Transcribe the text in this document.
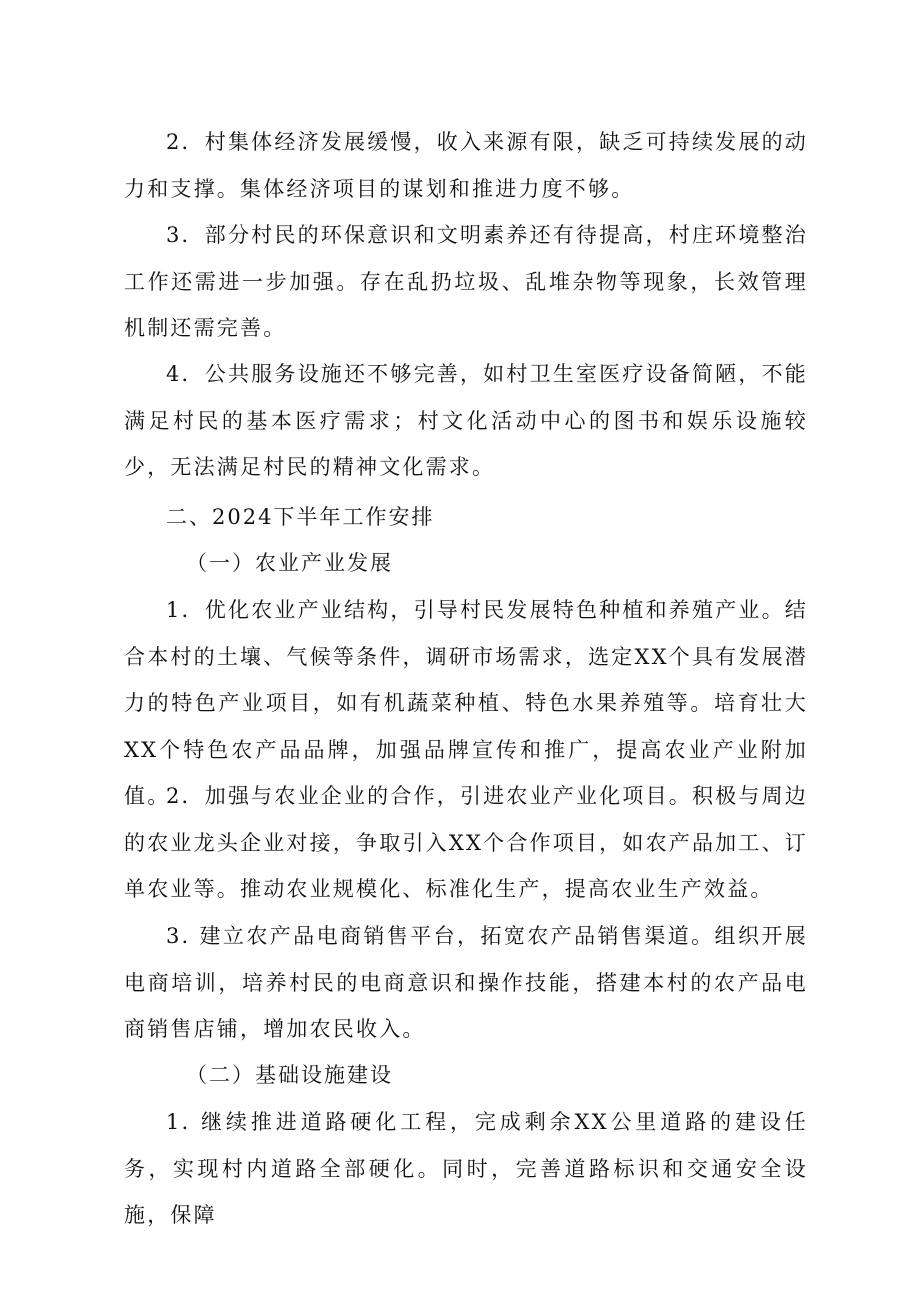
2．村集体经济发展缓慢，收入来源有限，缺乏可持续发展的动力和支撑。集体经济项目的谋划和推进力度不够。

3．部分村民的环保意识和文明素养还有待提高，村庄环境整治工作还需进一步加强。存在乱扔垃圾、乱堆杂物等现象，长效管理机制还需完善。

4．公共服务设施还不够完善，如村卫生室医疗设备简陋，不能满足村民的基本医疗需求；村文化活动中心的图书和娱乐设施较少，无法满足村民的精神文化需求。

二、2024下半年工作安排

（一）农业产业发展

1．优化农业产业结构，引导村民发展特色种植和养殖产业。结合本村的土壤、气候等条件，调研市场需求，选定XX个具有发展潜力的特色产业项目，如有机蔬菜种植、特色水果养殖等。培育壮大XX个特色农产品品牌，加强品牌宣传和推广，提高农业产业附加值。

2．加强与农业企业的合作，引进农业产业化项目。积极与周边的农业龙头企业对接，争取引入XX个合作项目，如农产品加工、订单农业等。推动农业规模化、标准化生产，提高农业生产效益。

3. 建立农产品电商销售平台，拓宽农产品销售渠道。组织开展电商培训，培养村民的电商意识和操作技能，搭建本村的农产品电商销售店铺，增加农民收入。

（二）基础设施建设

1. 继续推进道路硬化工程，完成剩余XX公里道路的建设任务，实现村内道路全部硬化。同时，完善道路标识和交通安全设施，保障
